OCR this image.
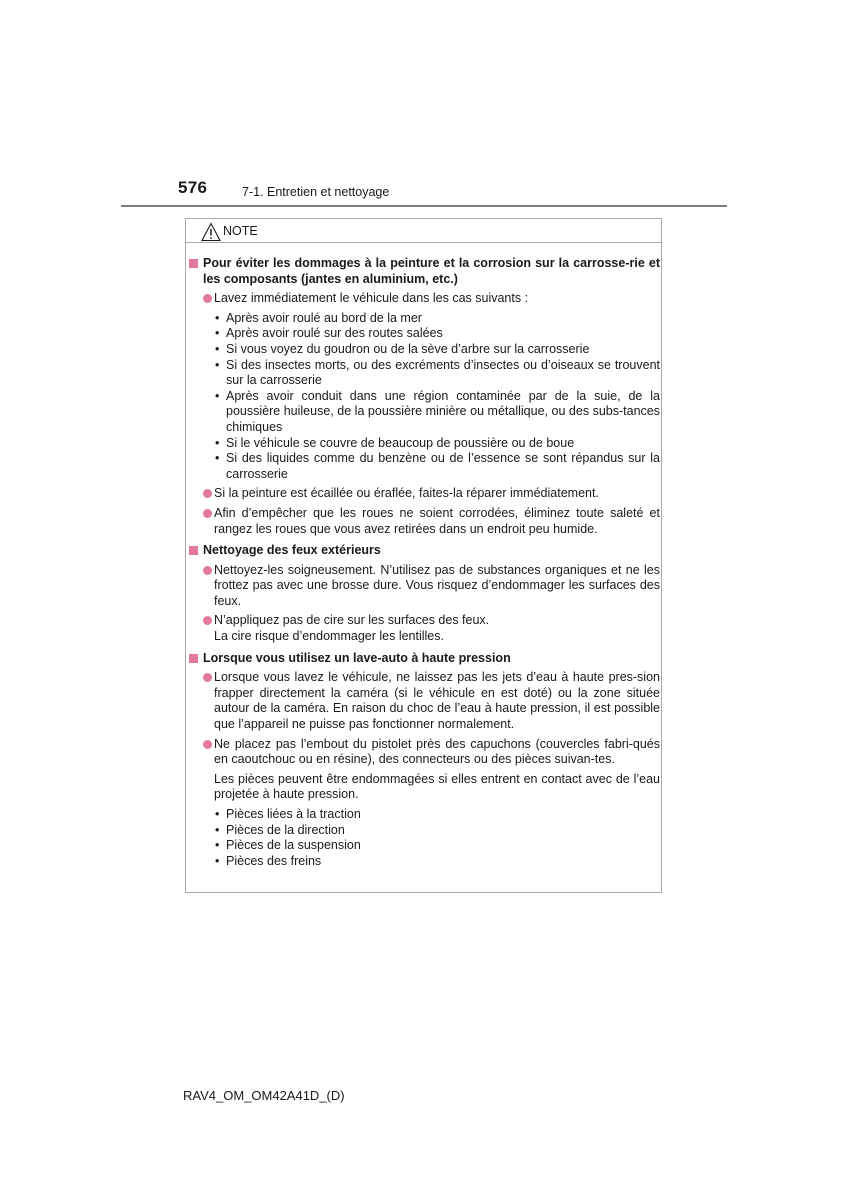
576	7-1. Entretien et nettoyage
NOTE
Pour éviter les dommages à la peinture et la corrosion sur la carrosse-rie et les composants (jantes en aluminium, etc.)
Lavez immédiatement le véhicule dans les cas suivants :
• Après avoir roulé au bord de la mer
• Après avoir roulé sur des routes salées
• Si vous voyez du goudron ou de la sève d’arbre sur la carrosserie
• Si des insectes morts, ou des excréments d’insectes ou d’oiseaux se trouvent sur la carrosserie
• Après avoir conduit dans une région contaminée par de la suie, de la poussière huileuse, de la poussière minière ou métallique, ou des subs-tances chimiques
• Si le véhicule se couvre de beaucoup de poussière ou de boue
• Si des liquides comme du benzène ou de l’essence se sont répandus sur la carrosserie
Si la peinture est écaillée ou éraflée, faites-la réparer immédiatement.
Afin d’empêcher que les roues ne soient corrodées, éliminez toute saleté et rangez les roues que vous avez retirées dans un endroit peu humide.
Nettoyage des feux extérieurs
Nettoyez-les soigneusement. N’utilisez pas de substances organiques et ne les frottez pas avec une brosse dure. Vous risquez d’endommager les surfaces des feux.
N’appliquez pas de cire sur les surfaces des feux.
La cire risque d’endommager les lentilles.
Lorsque vous utilisez un lave-auto à haute pression
Lorsque vous lavez le véhicule, ne laissez pas les jets d’eau à haute pres-sion frapper directement la caméra (si le véhicule en est doté) ou la zone située autour de la caméra. En raison du choc de l’eau à haute pression, il est possible que l’appareil ne puisse pas fonctionner normalement.
Ne placez pas l’embout du pistolet près des capuchons (couvercles fabri-qués en caoutchouc ou en résine), des connecteurs ou des pièces suivan-tes.
Les pièces peuvent être endommagées si elles entrent en contact avec de l’eau projetée à haute pression.
• Pièces liées à la traction
• Pièces de la direction
• Pièces de la suspension
• Pièces des freins
RAV4_OM_OM42A41D_(D)
